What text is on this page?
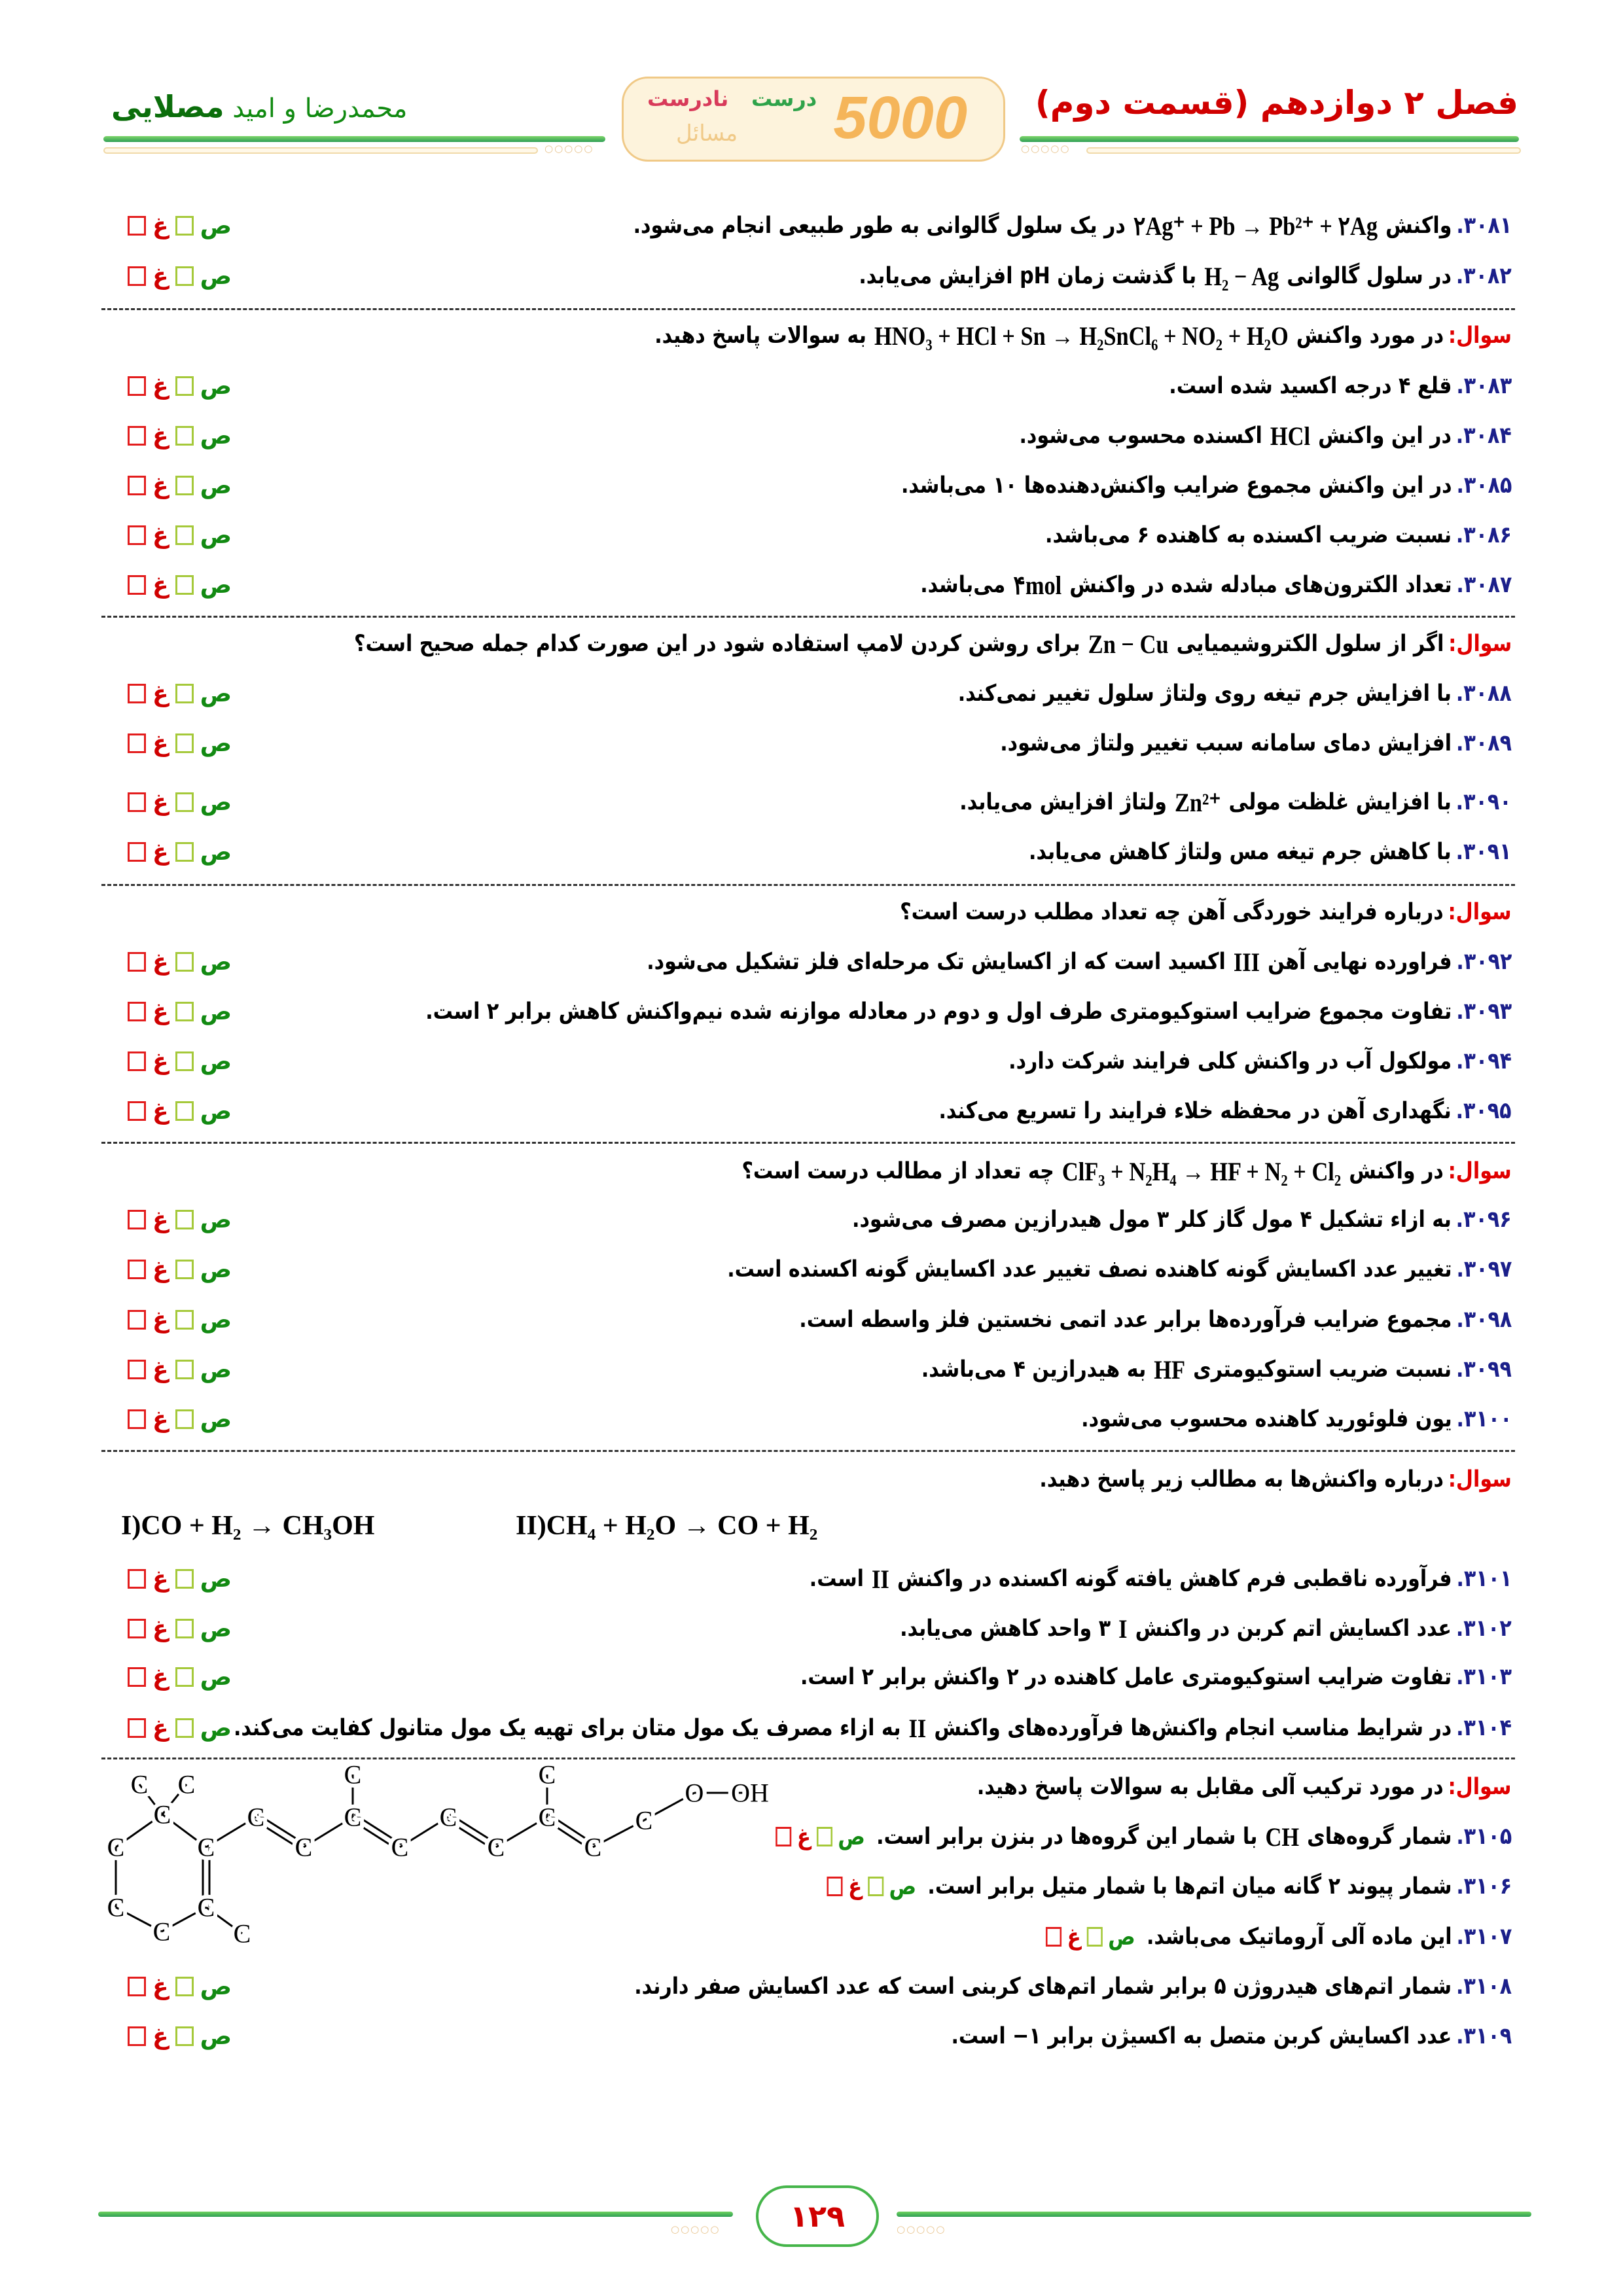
فصل ۲ دوازدهم (قسمت دوم)
محمدرضا و امید مصلایی
○○○○○	○○○○○
5000
درست
نادرست
مسائل
۳۰۸۱.
واکنش
۲Ag⁺ + Pb → Pb²⁺ + ۲Ag
در یک سلول گالوانی به طور طبیعی انجام می‌شود.
غ ص
۳۰۸۲.
در سلول گالوانی
H₂ − Ag
با گذشت زمان pH افزایش می‌یابد.
غ ص
سوال:
در مورد واکنش
HNO₃ + HCl + Sn → H₂SnCl₆ + NO₂ + H₂O
به سوالات پاسخ دهید.
۳۰۸۳.
قلع ۴ درجه اکسید شده است.
غ ص
۳۰۸۴.
در این واکنش
HCl
اکسنده محسوب می‌شود.
غ ص
۳۰۸۵.
در این واکنش مجموع ضرایب واکنش‌دهنده‌ها ۱۰ می‌باشد.
غ ص
۳۰۸۶.
نسبت ضریب اکسنده به کاهنده ۶ می‌باشد.
غ ص
۳۰۸۷.
تعداد الکترون‌های مبادله شده در واکنش
۴mol
می‌باشد.
غ ص
سوال:
اگر از سلول الکتروشیمیایی
Zn − Cu
برای روشن کردن لامپ استفاده شود در این صورت کدام جمله صحیح است؟
۳۰۸۸.
با افزایش جرم تیغه روی ولتاژ سلول تغییر نمی‌کند.
غ ص
۳۰۸۹.
افزایش دمای سامانه سبب تغییر ولتاژ می‌شود.
غ ص
۳۰۹۰.
با افزایش غلظت مولی
Zn²⁺
ولتاژ افزایش می‌یابد.
غ ص
۳۰۹۱.
با کاهش جرم تیغه مس ولتاژ کاهش می‌یابد.
غ ص
سوال:
درباره فرایند خوردگی آهن چه تعداد مطلب درست است؟
۳۰۹۲.
فراورده نهایی آهن
III
اکسید است که از اکسایش تک مرحله‌ای فلز تشکیل می‌شود.
غ ص
۳۰۹۳.
تفاوت مجموع ضرایب استوکیومتری طرف اول و دوم در معادله موازنه شده نیم‌واکنش کاهش برابر ۲ است.
غ ص
۳۰۹۴.
مولکول آب در واکنش کلی فرایند شرکت دارد.
غ ص
۳۰۹۵.
نگهداری آهن در محفظه خلاء فرایند را تسریع می‌کند.
غ ص
سوال:
در واکنش
ClF₃ + N₂H₄ → HF + N₂ + Cl₂
چه تعداد از مطالب درست است؟
۳۰۹۶.
به ازاء تشکیل ۴ مول گاز کلر ۳ مول هیدرازین مصرف می‌شود.
غ ص
۳۰۹۷.
تغییر عدد اکسایش گونه کاهنده نصف تغییر عدد اکسایش گونه اکسنده است.
غ ص
۳۰۹۸.
مجموع ضرایب فرآورده‌ها برابر عدد اتمی نخستین فلز واسطه است.
غ ص
۳۰۹۹.
نسبت ضریب استوکیومتری
HF
به هیدرازین ۴ می‌باشد.
غ ص
۳۱۰۰.
یون فلوئورید کاهنده محسوب می‌شود.
غ ص
سوال:
درباره واکنش‌ها به مطالب زیر پاسخ دهید.
۳۱۰۱.
فرآورده ناقطبی فرم کاهش یافته گونه اکسنده در واکنش
II
است.
غ ص
۳۱۰۲.
عدد اکسایش اتم کربن در واکنش
I
۳ واحد کاهش می‌یابد.
غ ص
۳۱۰۳.
تفاوت ضرایب استوکیومتری عامل کاهنده در ۲ واکنش برابر ۲ است.
غ ص
۳۱۰۴.
در شرایط مناسب انجام واکنش‌ها فرآورده‌های واکنش
II
به ازاء مصرف یک مول متان برای تهیه یک مول متانول کفایت می‌کند.
غ ص
سوال:
در مورد ترکیب آلی مقابل به سوالات پاسخ دهید.
۳۱۰۵.
شمار گروه‌های
CH
با شمار این گروه‌ها در بنزن برابر است.
غ ص
۳۱۰۶.
شمار پیوند ۲ گانه میان اتم‌ها با شمار متیل برابر است.
غ ص
۳۱۰۷.
این ماده آلی آروماتیک می‌باشد.
غ ص
۳۱۰۸.
شمار اتم‌های هیدروژن ۵ برابر شمار اتم‌های کربنی است که عدد اکسایش صفر دارند.
غ ص
۳۱۰۹.
عدد اکسایش کربن متصل به اکسیژن برابر ۱− است.
غ ص
I)CO + H₂ → CH₃OH	II)CH₄ + H₂O → CO + H₂
C C
C
C	C
C
C
C
C
C
C
C
C
C
C
C
C
C
C
C
O OH
○○○○○	○○○○○
۱۲۹
